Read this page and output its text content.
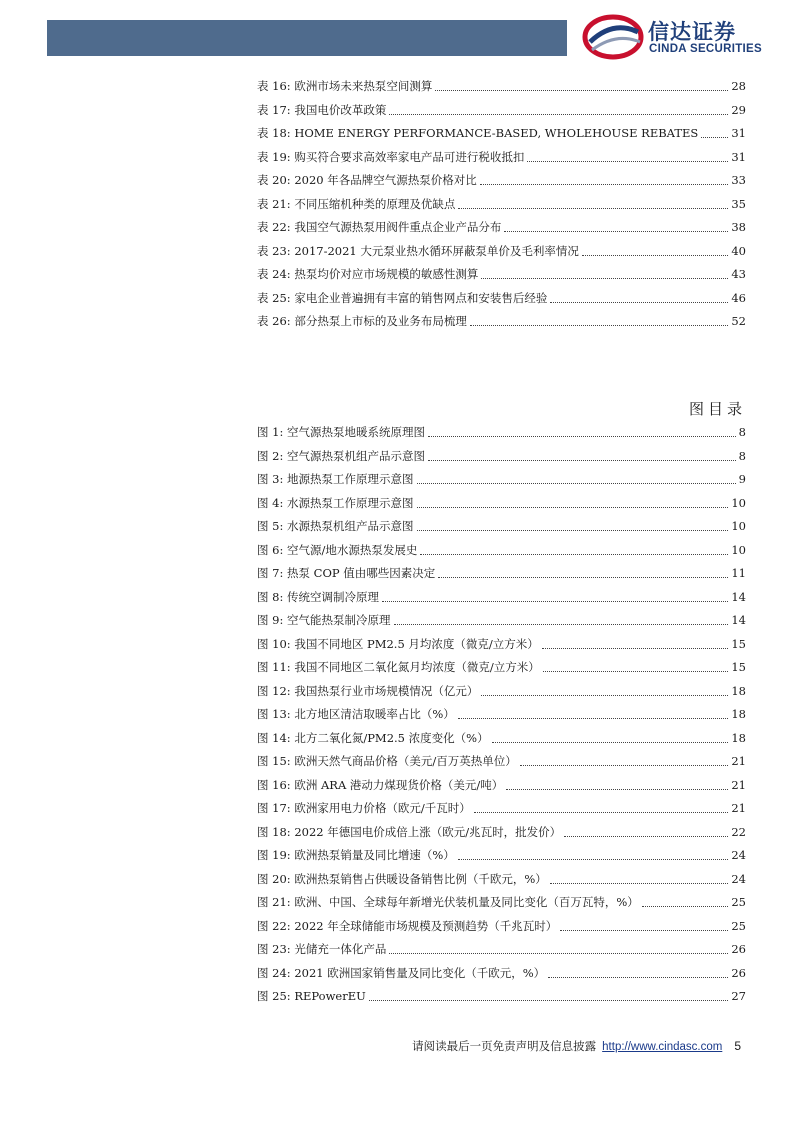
信达证券
CINDA SECURITIES
表 16: 欧洲市场未来热泵空间测算	28
表 17: 我国电价改革政策	29
表 18: HOME ENERGY PERFORMANCE-BASED, WHOLEHOUSE REBATES	31
表 19: 购买符合要求高效率家电产品可进行税收抵扣	31
表 20: 2020 年各品牌空气源热泵价格对比	33
表 21: 不同压缩机种类的原理及优缺点	35
表 22: 我国空气源热泵用阀件重点企业产品分布	38
表 23: 2017-2021 大元泵业热水循环屏蔽泵单价及毛利率情况	40
表 24: 热泵均价对应市场规模的敏感性测算	43
表 25: 家电企业普遍拥有丰富的销售网点和安装售后经验	46
表 26: 部分热泵上市标的及业务布局梳理	52
图目录
图 1: 空气源热泵地暖系统原理图	8
图 2: 空气源热泵机组产品示意图	8
图 3: 地源热泵工作原理示意图	9
图 4: 水源热泵工作原理示意图	10
图 5: 水源热泵机组产品示意图	10
图 6: 空气源/地水源热泵发展史	10
图 7: 热泵 COP 值由哪些因素决定	11
图 8: 传统空调制冷原理	14
图 9: 空气能热泵制冷原理	14
图 10: 我国不同地区 PM2.5 月均浓度（微克/立方米）	15
图 11: 我国不同地区二氧化氮月均浓度（微克/立方米）	15
图 12: 我国热泵行业市场规模情况（亿元）	18
图 13: 北方地区清洁取暖率占比（%）	18
图 14: 北方二氧化氮/PM2.5 浓度变化（%）	18
图 15: 欧洲天然气商品价格（美元/百万英热单位）	21
图 16: 欧洲 ARA 港动力煤现货价格（美元/吨）	21
图 17: 欧洲家用电力价格（欧元/千瓦时）	21
图 18: 2022 年德国电价成倍上涨（欧元/兆瓦时，批发价）	22
图 19: 欧洲热泵销量及同比增速（%）	24
图 20: 欧洲热泵销售占供暖设备销售比例（千欧元，%）	24
图 21: 欧洲、中国、全球每年新增光伏装机量及同比变化（百万瓦特，%）	25
图 22: 2022 年全球储能市场规模及预测趋势（千兆瓦时）	25
图 23: 光储充一体化产品	26
图 24: 2021 欧洲国家销售量及同比变化（千欧元，%）	26
图 25: REPowerEU	27
请阅读最后一页免责声明及信息披露 http://www.cindasc.com 5
